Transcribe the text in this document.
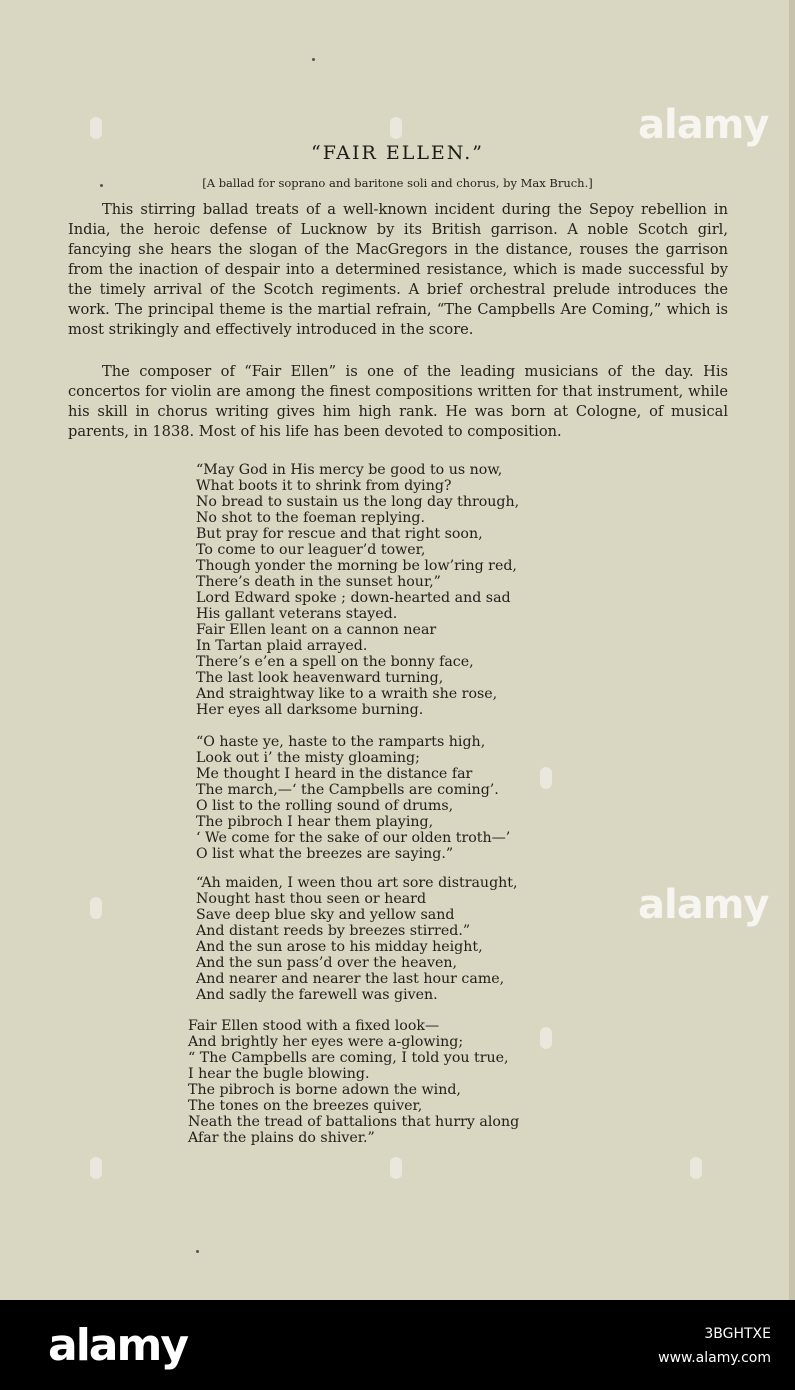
“FAIR ELLEN.”
[A ballad for soprano and baritone soli and chorus, by Max Bruch.]

This stirring ballad treats of a well-known incident during the Sepoy rebellion in India, the heroic defense of Lucknow by its British garrison. A noble Scotch girl, fancying she hears the slogan of the MacGregors in the distance, rouses the garrison from the inaction of despair into a determined resistance, which is made successful by the timely arrival of the Scotch regiments. A brief orchestral prelude introduces the work. The principal theme is the martial refrain, “The Campbells Are Coming,” which is most strikingly and effectively introduced in the score.

The composer of “Fair Ellen” is one of the leading musicians of the day. His concertos for violin are among the finest compositions written for that instrument, while his skill in chorus writing gives him high rank. He was born at Cologne, of musical parents, in 1838. Most of his life has been devoted to composition.

“May God in His mercy be good to us now,
What boots it to shrink from dying?
No bread to sustain us the long day through,
No shot to the foeman replying.
But pray for rescue and that right soon,
To come to our leaguer’d tower,
Though yonder the morning be low’ring red,
There’s death in the sunset hour,”
Lord Edward spoke ; down-hearted and sad
His gallant veterans stayed.
Fair Ellen leant on a cannon near
In Tartan plaid arrayed.
There’s e’en a spell on the bonny face,
The last look heavenward turning,
And straightway like to a wraith she rose,
Her eyes all darksome burning.
“O haste ye, haste to the ramparts high,
Look out i’ the misty gloaming;
Me thought I heard in the distance far
The march,—‘ the Campbells are coming’.
O list to the rolling sound of drums,
The pibroch I hear them playing,
‘ We come for the sake of our olden troth—’
O list what the breezes are saying.”
“Ah maiden, I ween thou art sore distraught,
Nought hast thou seen or heard
Save deep blue sky and yellow sand
And distant reeds by breezes stirred.”
And the sun arose to his midday height,
And the sun pass’d over the heaven,
And nearer and nearer the last hour came,
And sadly the farewell was given.
Fair Ellen stood with a fixed look—
And brightly her eyes were a-glowing;
“ The Campbells are coming, I told you true,
I hear the bugle blowing.
The pibroch is borne adown the wind,
The tones on the breezes quiver,
Neath the tread of battalions that hurry along
Afar the plains do shiver.”
alamy
alamy
alamy	3BGHTXE
www.alamy.com
